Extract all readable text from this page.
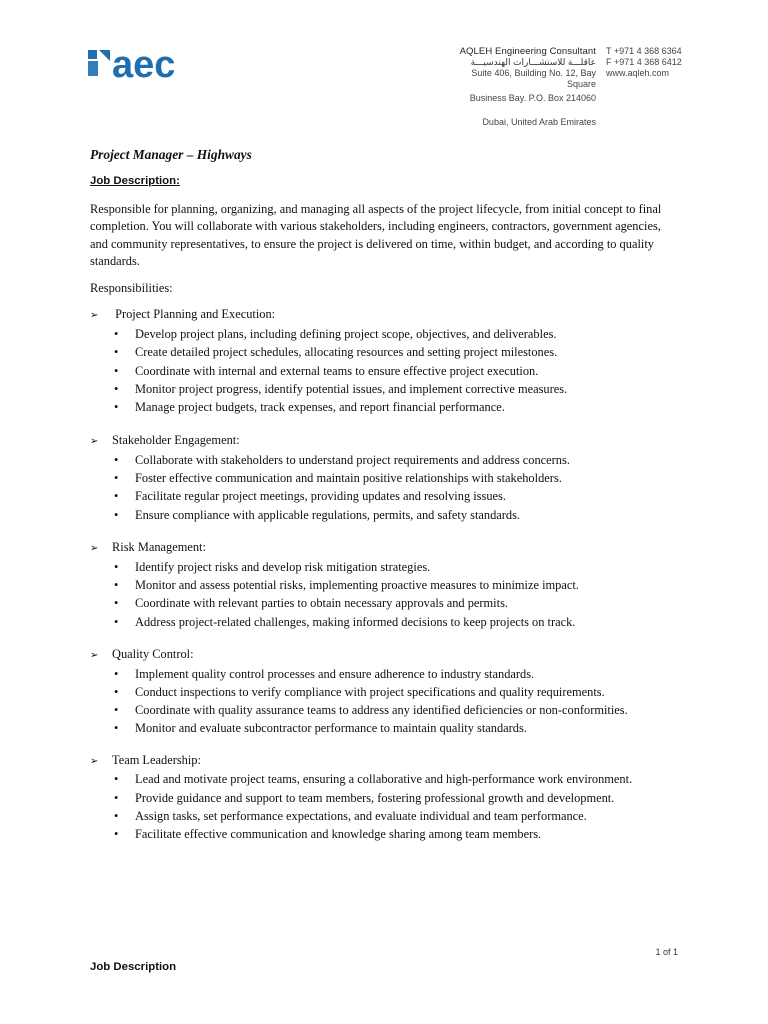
aec	AQLEH Engineering Consultant
عاقلـــة للاستشـــارات الهندسيـــة
Suite 406, Building No. 12, Bay Square
T +971 4 368 6364
F +971 4 368 6412
www.aqleh.com
Business Bay. P.O. Box 214060
Dubai, United Arab Emirates
Project Manager – Highways
Job Description:
Responsible for planning, organizing, and managing all aspects of the project lifecycle, from initial concept to final completion. You will collaborate with various stakeholders, including engineers, contractors, government agencies, and community representatives, to ensure the project is delivered on time, within budget, and according to quality standards.
Responsibilities:
➢	Project Planning and Execution:
• Develop project plans, including defining project scope, objectives, and deliverables.
• Create detailed project schedules, allocating resources and setting project milestones.
• Coordinate with internal and external teams to ensure effective project execution.
• Monitor project progress, identify potential issues, and implement corrective measures.
• Manage project budgets, track expenses, and report financial performance.
➢	Stakeholder Engagement:
• Collaborate with stakeholders to understand project requirements and address concerns.
• Foster effective communication and maintain positive relationships with stakeholders.
• Facilitate regular project meetings, providing updates and resolving issues.
• Ensure compliance with applicable regulations, permits, and safety standards.
➢	Risk Management:
• Identify project risks and develop risk mitigation strategies.
• Monitor and assess potential risks, implementing proactive measures to minimize impact.
• Coordinate with relevant parties to obtain necessary approvals and permits.
• Address project-related challenges, making informed decisions to keep projects on track.
➢	Quality Control:
• Implement quality control processes and ensure adherence to industry standards.
• Conduct inspections to verify compliance with project specifications and quality requirements.
• Coordinate with quality assurance teams to address any identified deficiencies or non-conformities.
• Monitor and evaluate subcontractor performance to maintain quality standards.
➢	Team Leadership:
• Lead and motivate project teams, ensuring a collaborative and high-performance work environment.
• Provide guidance and support to team members, fostering professional growth and development.
• Assign tasks, set performance expectations, and evaluate individual and team performance.
• Facilitate effective communication and knowledge sharing among team members.
1 of 1
Job Description
